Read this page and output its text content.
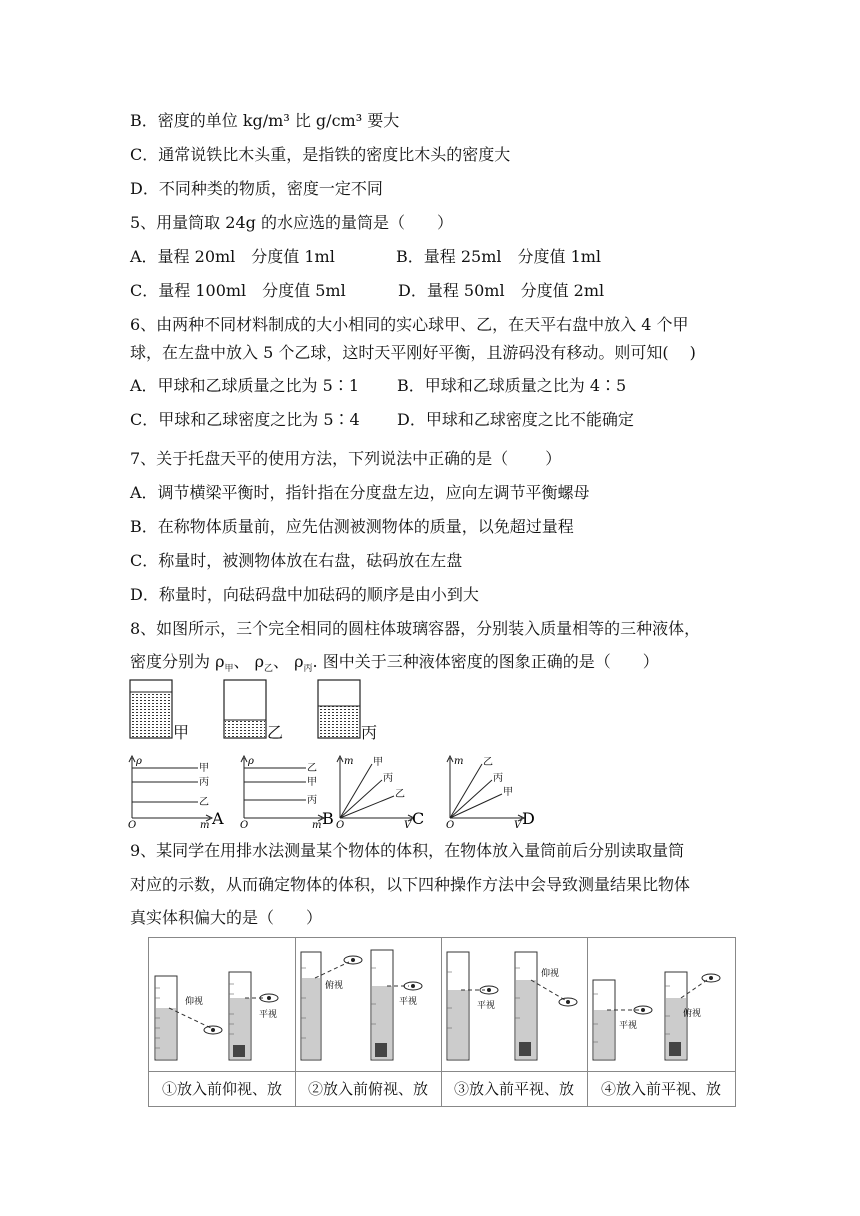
B．密度的单位 kg/m³ 比 g/cm³ 要大
C．通常说铁比木头重，是指铁的密度比木头的密度大
D．不同种类的物质，密度一定不同
5、用量筒取 24g 的水应选的量筒是（　　）
A．量程 20ml　分度值 1ml	B．量程 25ml　分度值 1ml
C．量程 100ml　分度值 5ml	D．量程 50ml　分度值 2ml
6、由两种不同材料制成的大小相同的实心球甲、乙，在天平右盘中放入 4 个甲
球，在左盘中放入 5 个乙球，这时天平刚好平衡，且游码没有移动。则可知(　 )
A．甲球和乙球质量之比为 5∶1 B．甲球和乙球质量之比为 4∶5
C．甲球和乙球密度之比为 5∶4 D．甲球和乙球密度之比不能确定
7、关于托盘天平的使用方法，下列说法中正确的是（　　 ）
A．调节横梁平衡时，指针指在分度盘左边，应向左调节平衡螺母
B．在称物体质量前，应先估测被测物体的质量，以免超过量程
C．称量时，被测物体放在右盘，砝码放在左盘
D．称量时，向砝码盘中加砝码的顺序是由小到大
8、如图所示，三个完全相同的圆柱体玻璃容器，分别装入质量相等的三种液体，
密度分别为 $\rho_甲$、 $\rho_乙$、 $\rho_丙$. 图中关于三种液体密度的图象正确的是（　　）
甲	乙	丙
ρ
O	m
甲
丙
乙
A
ρ
O	m
乙
甲
丙
B
m
O	V
甲
丙
乙
C
m
O	V
乙
丙
甲
D
9、某同学在用排水法测量某个物体的体积，在物体放入量筒前后分别读取量筒
对应的示数，从而确定物体的体积，以下四种操作方法中会导致测量结果比物体
真实体积偏大的是（　　）
仰视
平视
①放入前仰视、放
俯视
平视
②放入前俯视、放
平视
仰视
③放入前平视、放
平视
俯视
④放入前平视、放
